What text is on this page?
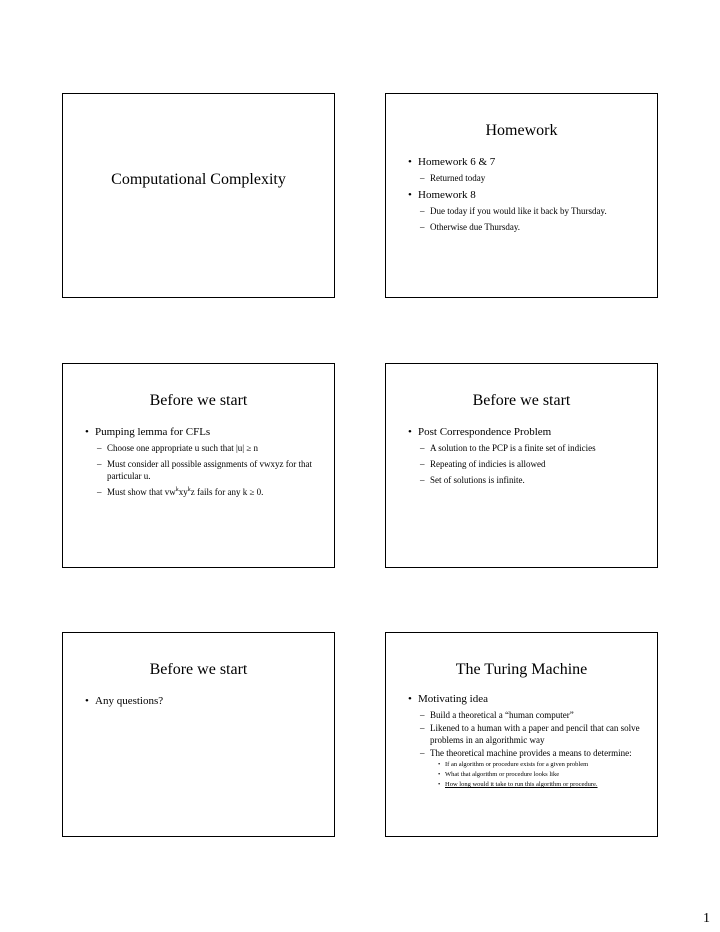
Computational Complexity
Homework
• Homework 6 & 7
– Returned today
• Homework 8
– Due today if you would like it back by Thursday.
– Otherwise due Thursday.
Before we start
• Pumping lemma for CFLs
– Choose one appropriate u such that |u| ≥ n
– Must consider all possible assignments of vwxyz for that particular u.
– Must show that $vw^kxy^kz$ fails for any k ≥ 0.
Before we start
• Post Correspondence Problem
– A solution to the PCP is a finite set of indicies
– Repeating of indicies is allowed
– Set of solutions is infinite.
Before we start
• Any questions?
The Turing Machine
• Motivating idea
– Build a theoretical a “human computer”
– Likened to a human with a paper and pencil that can solve problems in an algorithmic way
– The theoretical machine provides a means to determine:
• If an algorithm or procedure exists for a given problem
• What that algorithm or procedure looks like
• How long would it take to run this algorithm or procedure.
1
